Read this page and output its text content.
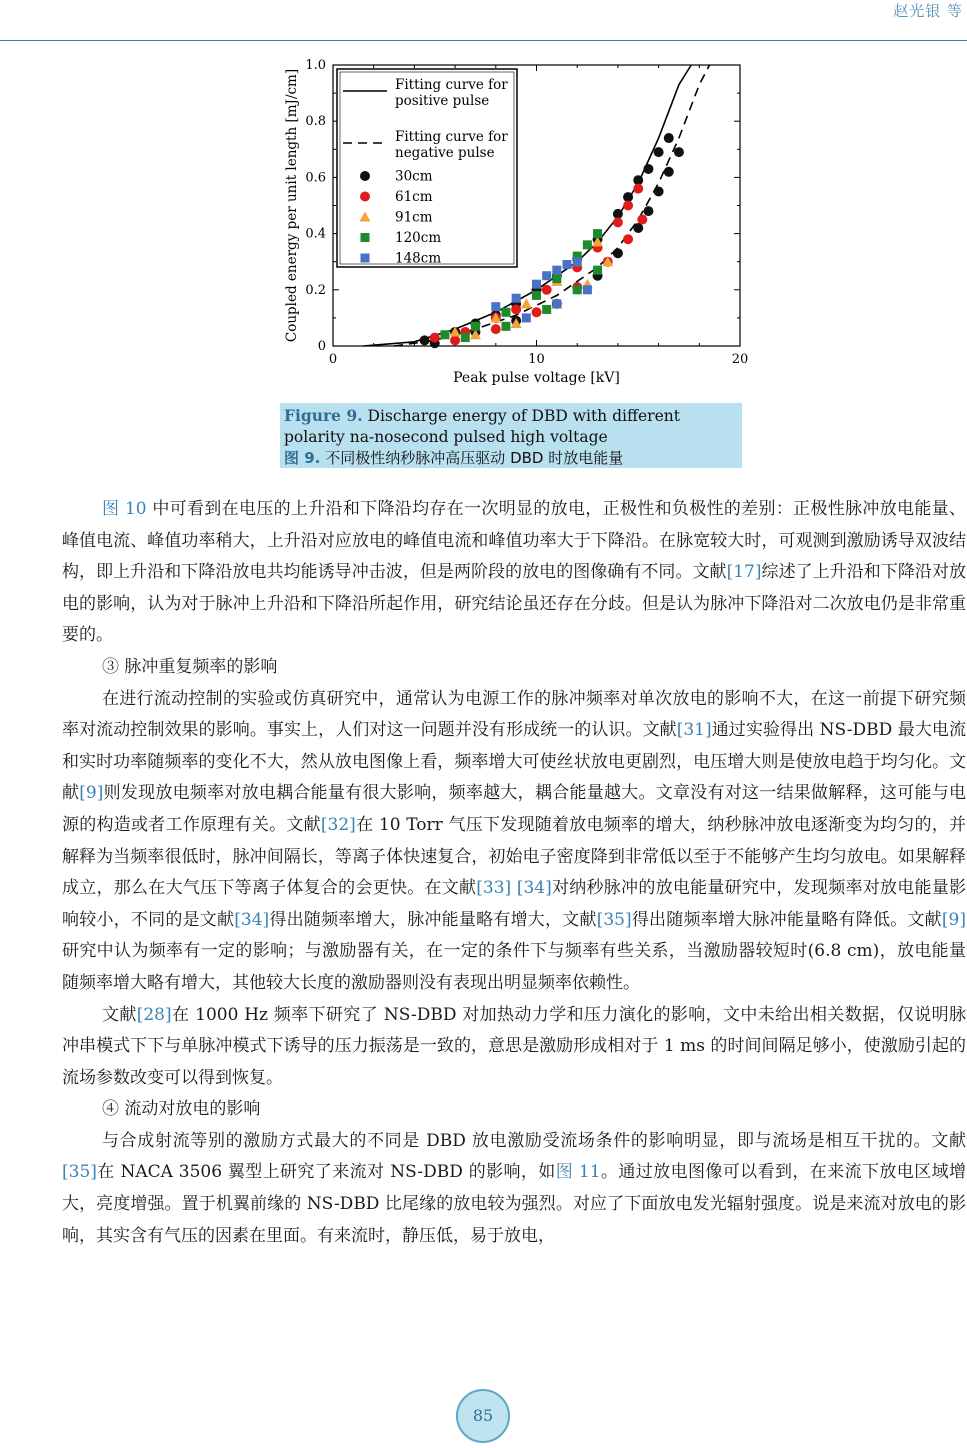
赵光银 等
0	10	20
0
0.2
0.4
0.6
0.8
1.0
Peak pulse voltage [kV]
Coupled energy per unit length [mJ/cm]	Fitting curve for
positive pulse
Fitting curve for
negative pulse
30cm
61cm
91cm
120cm
148cm
Figure 9. Discharge energy of DBD with different polarity na-nosecond pulsed high voltage
图 9. 不同极性纳秒脉冲高压驱动 DBD 时放电能量

图 10 中可看到在电压的上升沿和下降沿均存在一次明显的放电，正极性和负极性的差别：正极性脉冲放电能量、峰值电流、峰值功率稍大，上升沿对应放电的峰值电流和峰值功率大于下降沿。在脉宽较大时，可观测到激励诱导双波结构，即上升沿和下降沿放电共均能诱导冲击波，但是两阶段的放电的图像确有不同。文献[17]综述了上升沿和下降沿对放电的影响，认为对于脉冲上升沿和下降沿所起作用，研究结论虽还存在分歧。但是认为脉冲下降沿对二次放电仍是非常重要的。

③ 脉冲重复频率的影响

在进行流动控制的实验或仿真研究中，通常认为电源工作的脉冲频率对单次放电的影响不大，在这一前提下研究频率对流动控制效果的影响。事实上，人们对这一问题并没有形成统一的认识。文献[31]通过实验得出 NS-DBD 最大电流和实时功率随频率的变化不大，然从放电图像上看，频率增大可使丝状放电更剧烈，电压增大则是使放电趋于均匀化。文献[9]则发现放电频率对放电耦合能量有很大影响，频率越大，耦合能量越大。文章没有对这一结果做解释，这可能与电源的构造或者工作原理有关。文献[32]在 10 Torr 气压下发现随着放电频率的增大，纳秒脉冲放电逐渐变为均匀的，并解释为当频率很低时，脉冲间隔长，等离子体快速复合，初始电子密度降到非常低以至于不能够产生均匀放电。如果解释成立，那么在大气压下等离子体复合的会更快。在文献[33] [34]对纳秒脉冲的放电能量研究中，发现频率对放电能量影响较小，不同的是文献[34]得出随频率增大，脉冲能量略有增大，文献[35]得出随频率增大脉冲能量略有降低。文献[9]研究中认为频率有一定的影响；与激励器有关，在一定的条件下与频率有些关系，当激励器较短时(6.8 cm)，放电能量随频率增大略有增大，其他较大长度的激励器则没有表现出明显频率依赖性。

文献[28]在 1000 Hz 频率下研究了 NS-DBD 对加热动力学和压力演化的影响，文中未给出相关数据，仅说明脉冲串模式下下与单脉冲模式下诱导的压力振荡是一致的，意思是激励形成相对于 1 ms 的时间间隔足够小，使激励引起的流场参数改变可以得到恢复。

④ 流动对放电的影响

与合成射流等别的激励方式最大的不同是 DBD 放电激励受流场条件的影响明显，即与流场是相互干扰的。文献[35]在 NACA 3506 翼型上研究了来流对 NS-DBD 的影响，如图 11。通过放电图像可以看到，在来流下放电区域增大，亮度增强。置于机翼前缘的 NS-DBD 比尾缘的放电较为强烈。对应了下面放电发光辐射强度。说是来流对放电的影响，其实含有气压的因素在里面。有来流时，静压低，易于放电，

85
